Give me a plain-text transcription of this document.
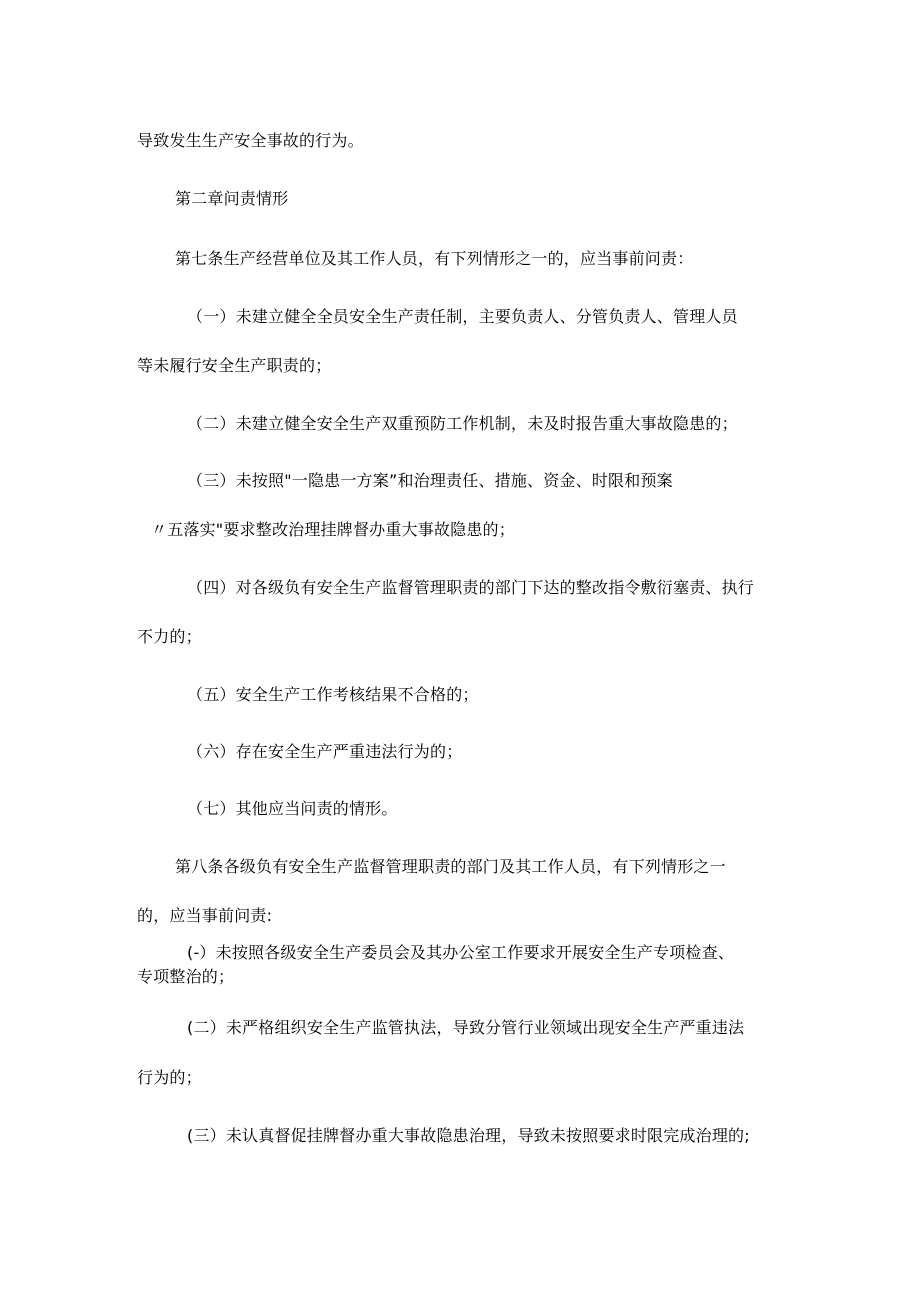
导致发生生产安全事故的行为。
第二章问责情形
第七条生产经营单位及其工作人员，有下列情形之一的，应当事前问责：
（一）未建立健全全员安全生产责任制，主要负责人、分管负责人、管理人员
等未履行安全生产职责的；
（二）未建立健全安全生产双重预防工作机制，未及时报告重大事故隐患的；
（三）未按照"一隐患一方案”和治理责任、措施、资金、时限和预案
〃五落实"要求整改治理挂牌督办重大事故隐患的；
（四）对各级负有安全生产监督管理职责的部门下达的整改指令敷衍塞责、执行
不力的；
（五）安全生产工作考核结果不合格的；
（六）存在安全生产严重违法行为的；
（七）其他应当问责的情形。
第八条各级负有安全生产监督管理职责的部门及其工作人员，有下列情形之一
的，应当事前问责:
(-）未按照各级安全生产委员会及其办公室工作要求开展安全生产专项检查、
专项整治的；
(二）未严格组织安全生产监管执法，导致分管行业领域出现安全生产严重违法
行为的；
(三）未认真督促挂牌督办重大事故隐患治理，导致未按照要求时限完成治理的;
